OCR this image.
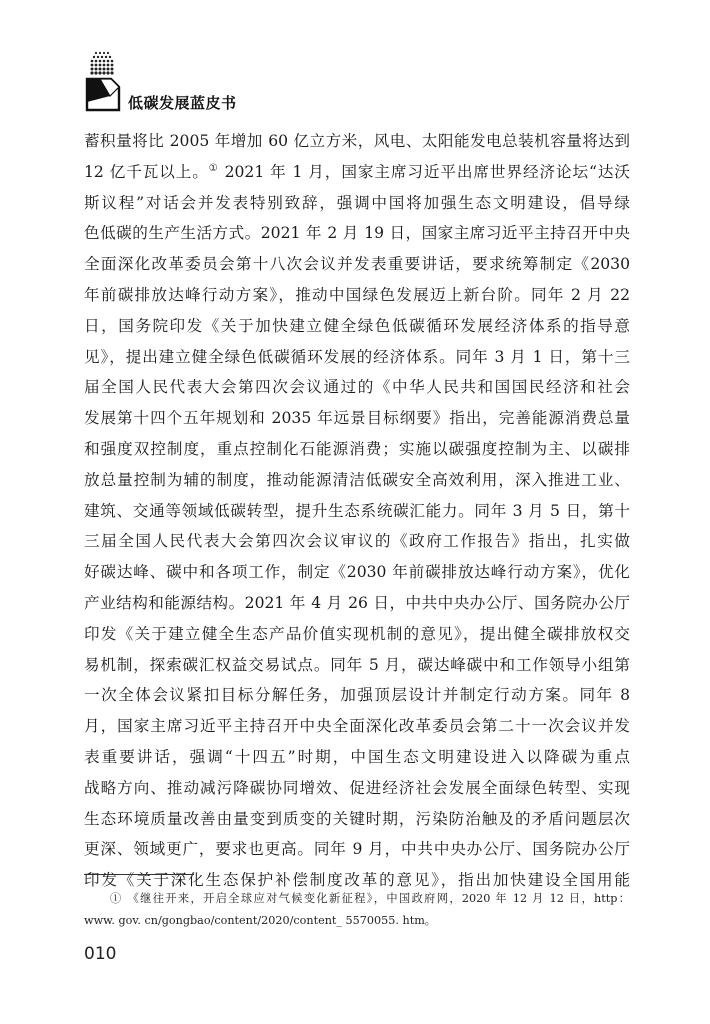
低碳发展蓝皮书
蓄积量将比 2005 年增加 60 亿立方米，风电、太阳能发电总装机容量将达到
12 亿千瓦以上。① 2021 年 1 月，国家主席习近平出席世界经济论坛“达沃
斯议程”对话会并发表特别致辞，强调中国将加强生态文明建设，倡导绿
色低碳的生产生活方式。2021 年 2 月 19 日，国家主席习近平主持召开中央
全面深化改革委员会第十八次会议并发表重要讲话，要求统筹制定《2030
年前碳排放达峰行动方案》，推动中国绿色发展迈上新台阶。同年 2 月 22
日，国务院印发《关于加快建立健全绿色低碳循环发展经济体系的指导意
见》，提出建立健全绿色低碳循环发展的经济体系。同年 3 月 1 日，第十三
届全国人民代表大会第四次会议通过的《中华人民共和国国民经济和社会
发展第十四个五年规划和 2035 年远景目标纲要》指出，完善能源消费总量
和强度双控制度，重点控制化石能源消费；实施以碳强度控制为主、以碳排
放总量控制为辅的制度，推动能源清洁低碳安全高效利用，深入推进工业、
建筑、交通等领域低碳转型，提升生态系统碳汇能力。同年 3 月 5 日，第十
三届全国人民代表大会第四次会议审议的《政府工作报告》指出，扎实做
好碳达峰、碳中和各项工作，制定《2030 年前碳排放达峰行动方案》，优化
产业结构和能源结构。2021 年 4 月 26 日，中共中央办公厅、国务院办公厅
印发《关于建立健全生态产品价值实现机制的意见》，提出健全碳排放权交
易机制，探索碳汇权益交易试点。同年 5 月，碳达峰碳中和工作领导小组第
一次全体会议紧扣目标分解任务，加强顶层设计并制定行动方案。同年 8
月，国家主席习近平主持召开中央全面深化改革委员会第二十一次会议并发
表重要讲话，强调“十四五”时期，中国生态文明建设进入以降碳为重点
战略方向、推动减污降碳协同增效、促进经济社会发展全面绿色转型、实现
生态环境质量改善由量变到质变的关键时期，污染防治触及的矛盾问题层次
更深、领域更广，要求也更高。同年 9 月，中共中央办公厅、国务院办公厅
印发《关于深化生态保护补偿制度改革的意见》，指出加快建设全国用能
① 《继往开来，开启全球应对气候变化新征程》，中国政府网，2020 年 12 月 12 日，http：
www. gov. cn/gongbao/content/2020/content_ 5570055. htm。
010
